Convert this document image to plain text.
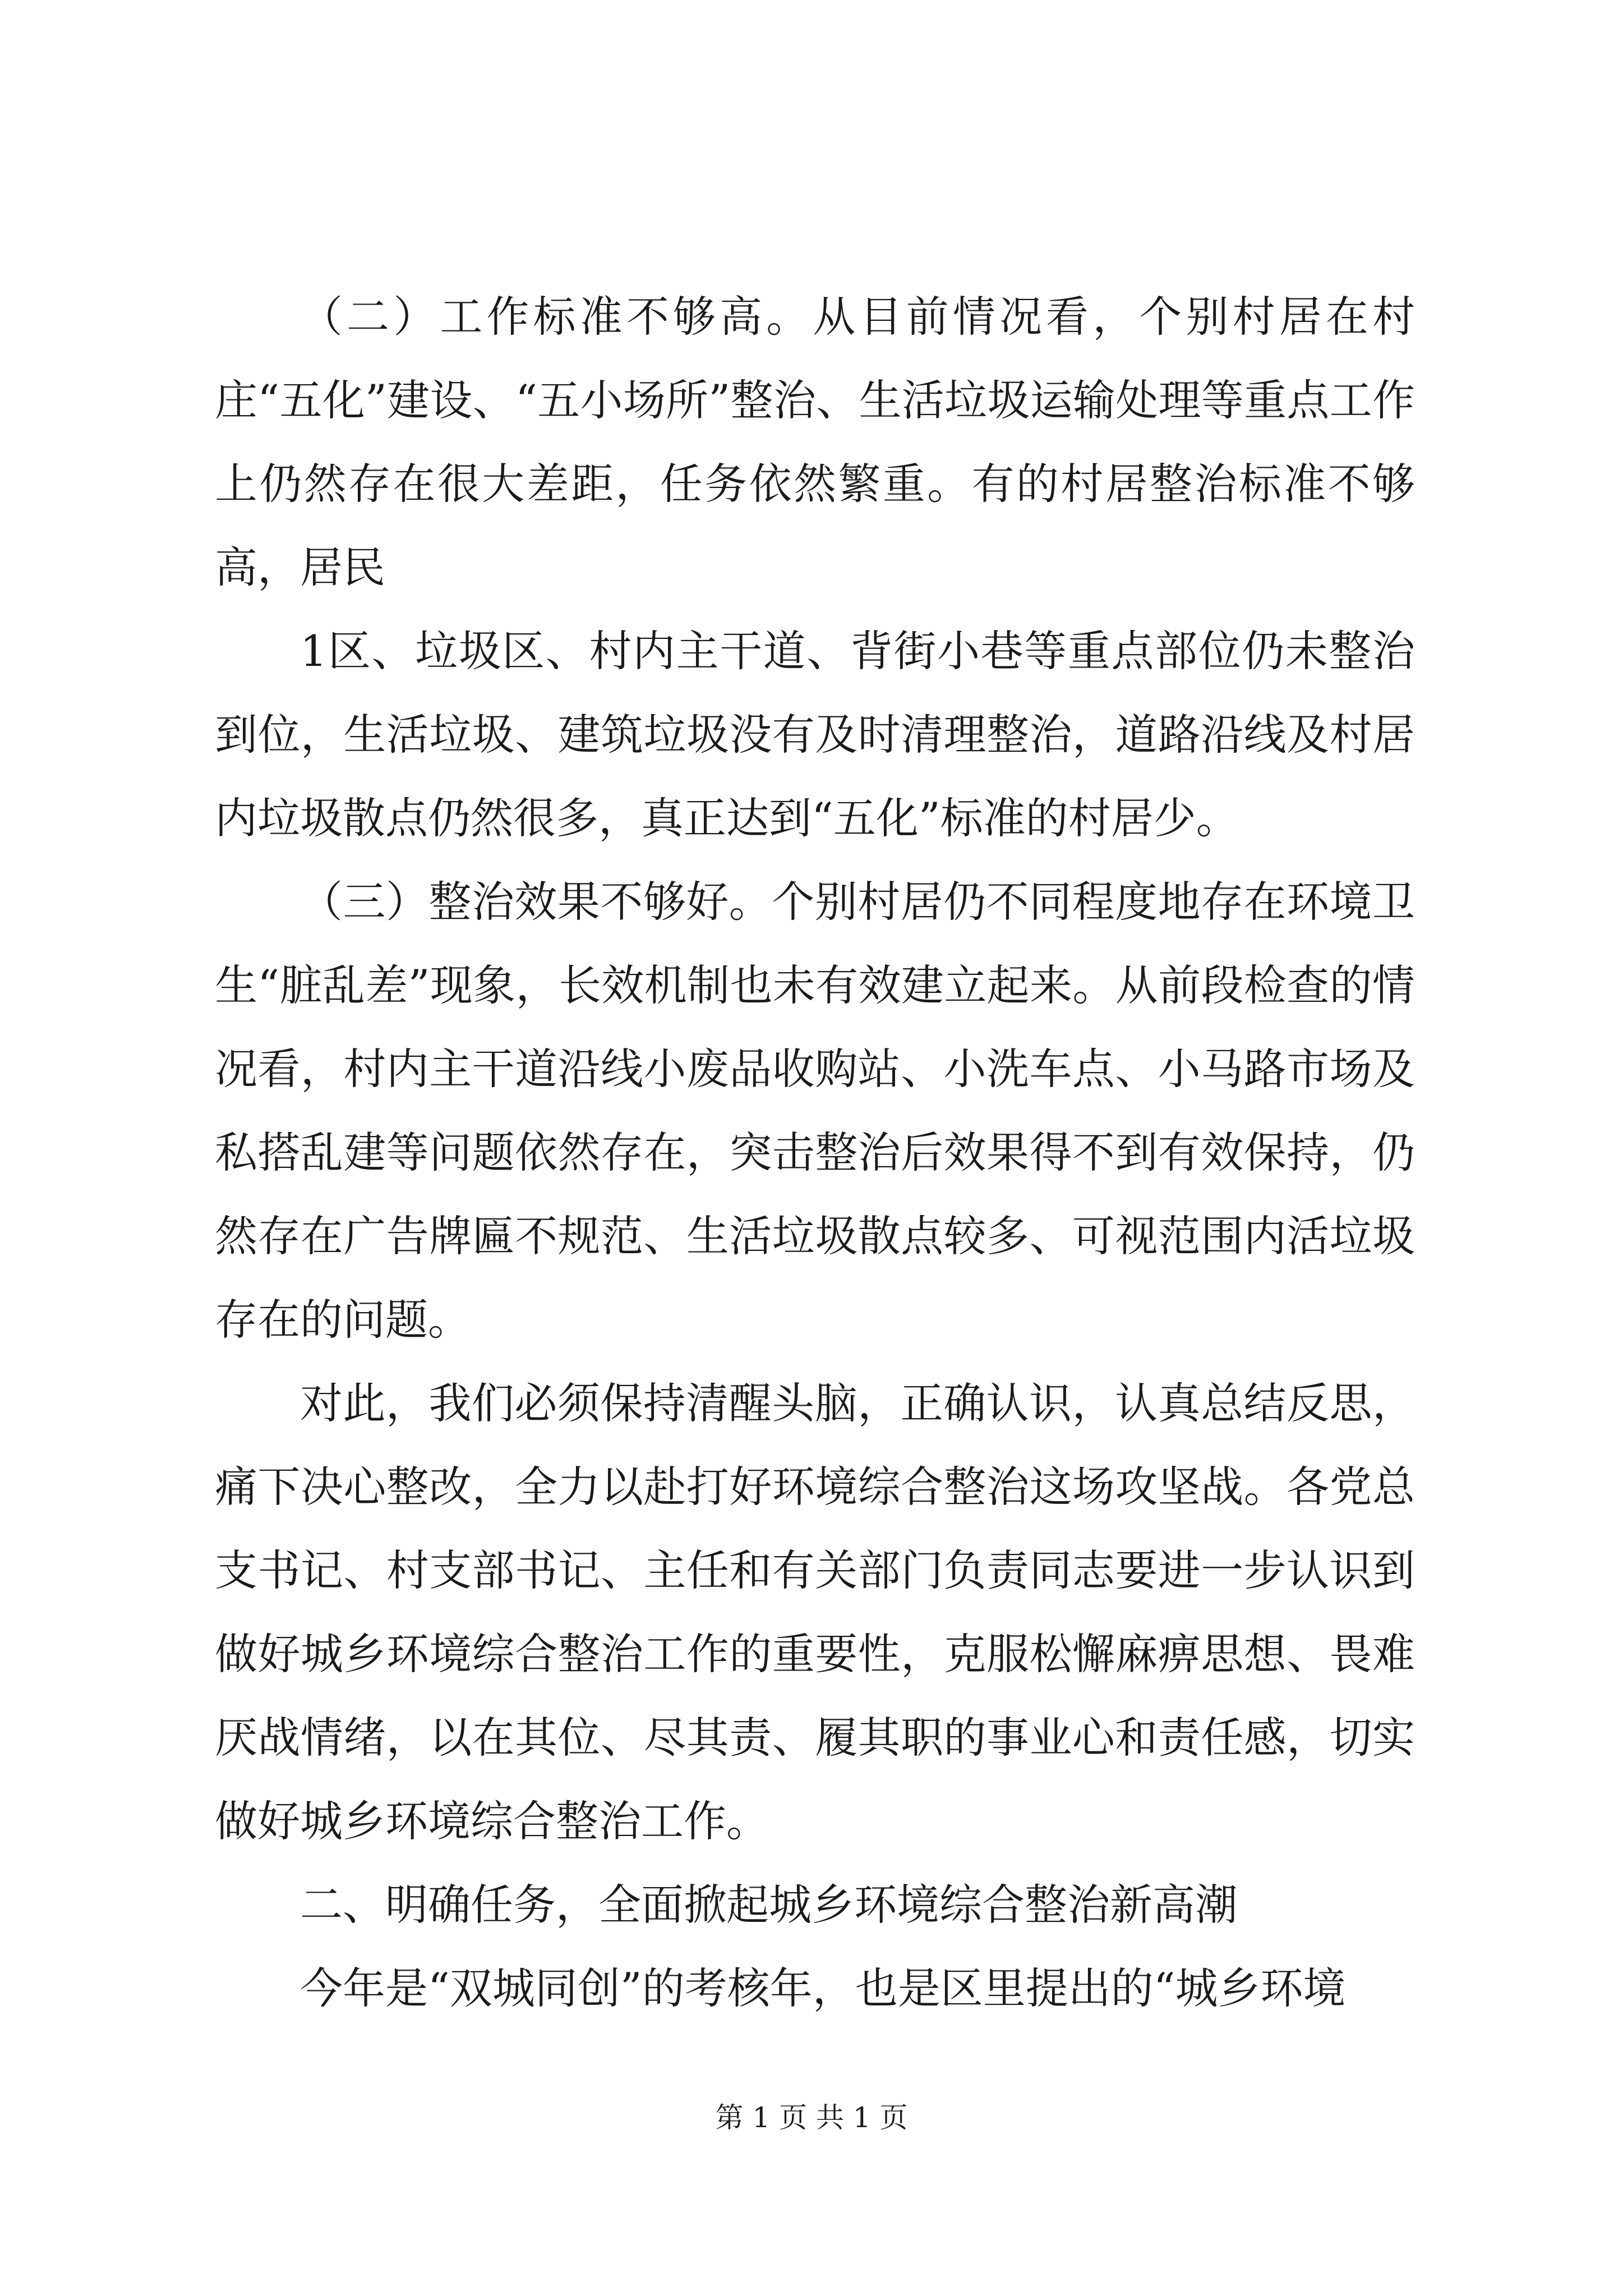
（二）工作标准不够高。从目前情况看，个别村居在村庄“五化”建设、“五小场所”整治、生活垃圾运输处理等重点工作上仍然存在很大差距，任务依然繁重。有的村居整治标准不够高，居民

1区、垃圾区、村内主干道、背街小巷等重点部位仍未整治到位，生活垃圾、建筑垃圾没有及时清理整治，道路沿线及村居内垃圾散点仍然很多，真正达到“五化”标准的村居少。

（三）整治效果不够好。个别村居仍不同程度地存在环境卫生“脏乱差”现象，长效机制也未有效建立起来。从前段检查的情况看，村内主干道沿线小废品收购站、小洗车点、小马路市场及私搭乱建等问题依然存在，突击整治后效果得不到有效保持，仍然存在广告牌匾不规范、生活垃圾散点较多、可视范围内活垃圾存在的问题。

对此，我们必须保持清醒头脑，正确认识，认真总结反思，痛下决心整改，全力以赴打好环境综合整治这场攻坚战。各党总支书记、村支部书记、主任和有关部门负责同志要进一步认识到做好城乡环境综合整治工作的重要性，克服松懈麻痹思想、畏难厌战情绪，以在其位、尽其责、履其职的事业心和责任感，切实做好城乡环境综合整治工作。

二、明确任务，全面掀起城乡环境综合整治新高潮

今年是“双城同创”的考核年，也是区里提出的“城乡环境

第 1 页 共 1 页
